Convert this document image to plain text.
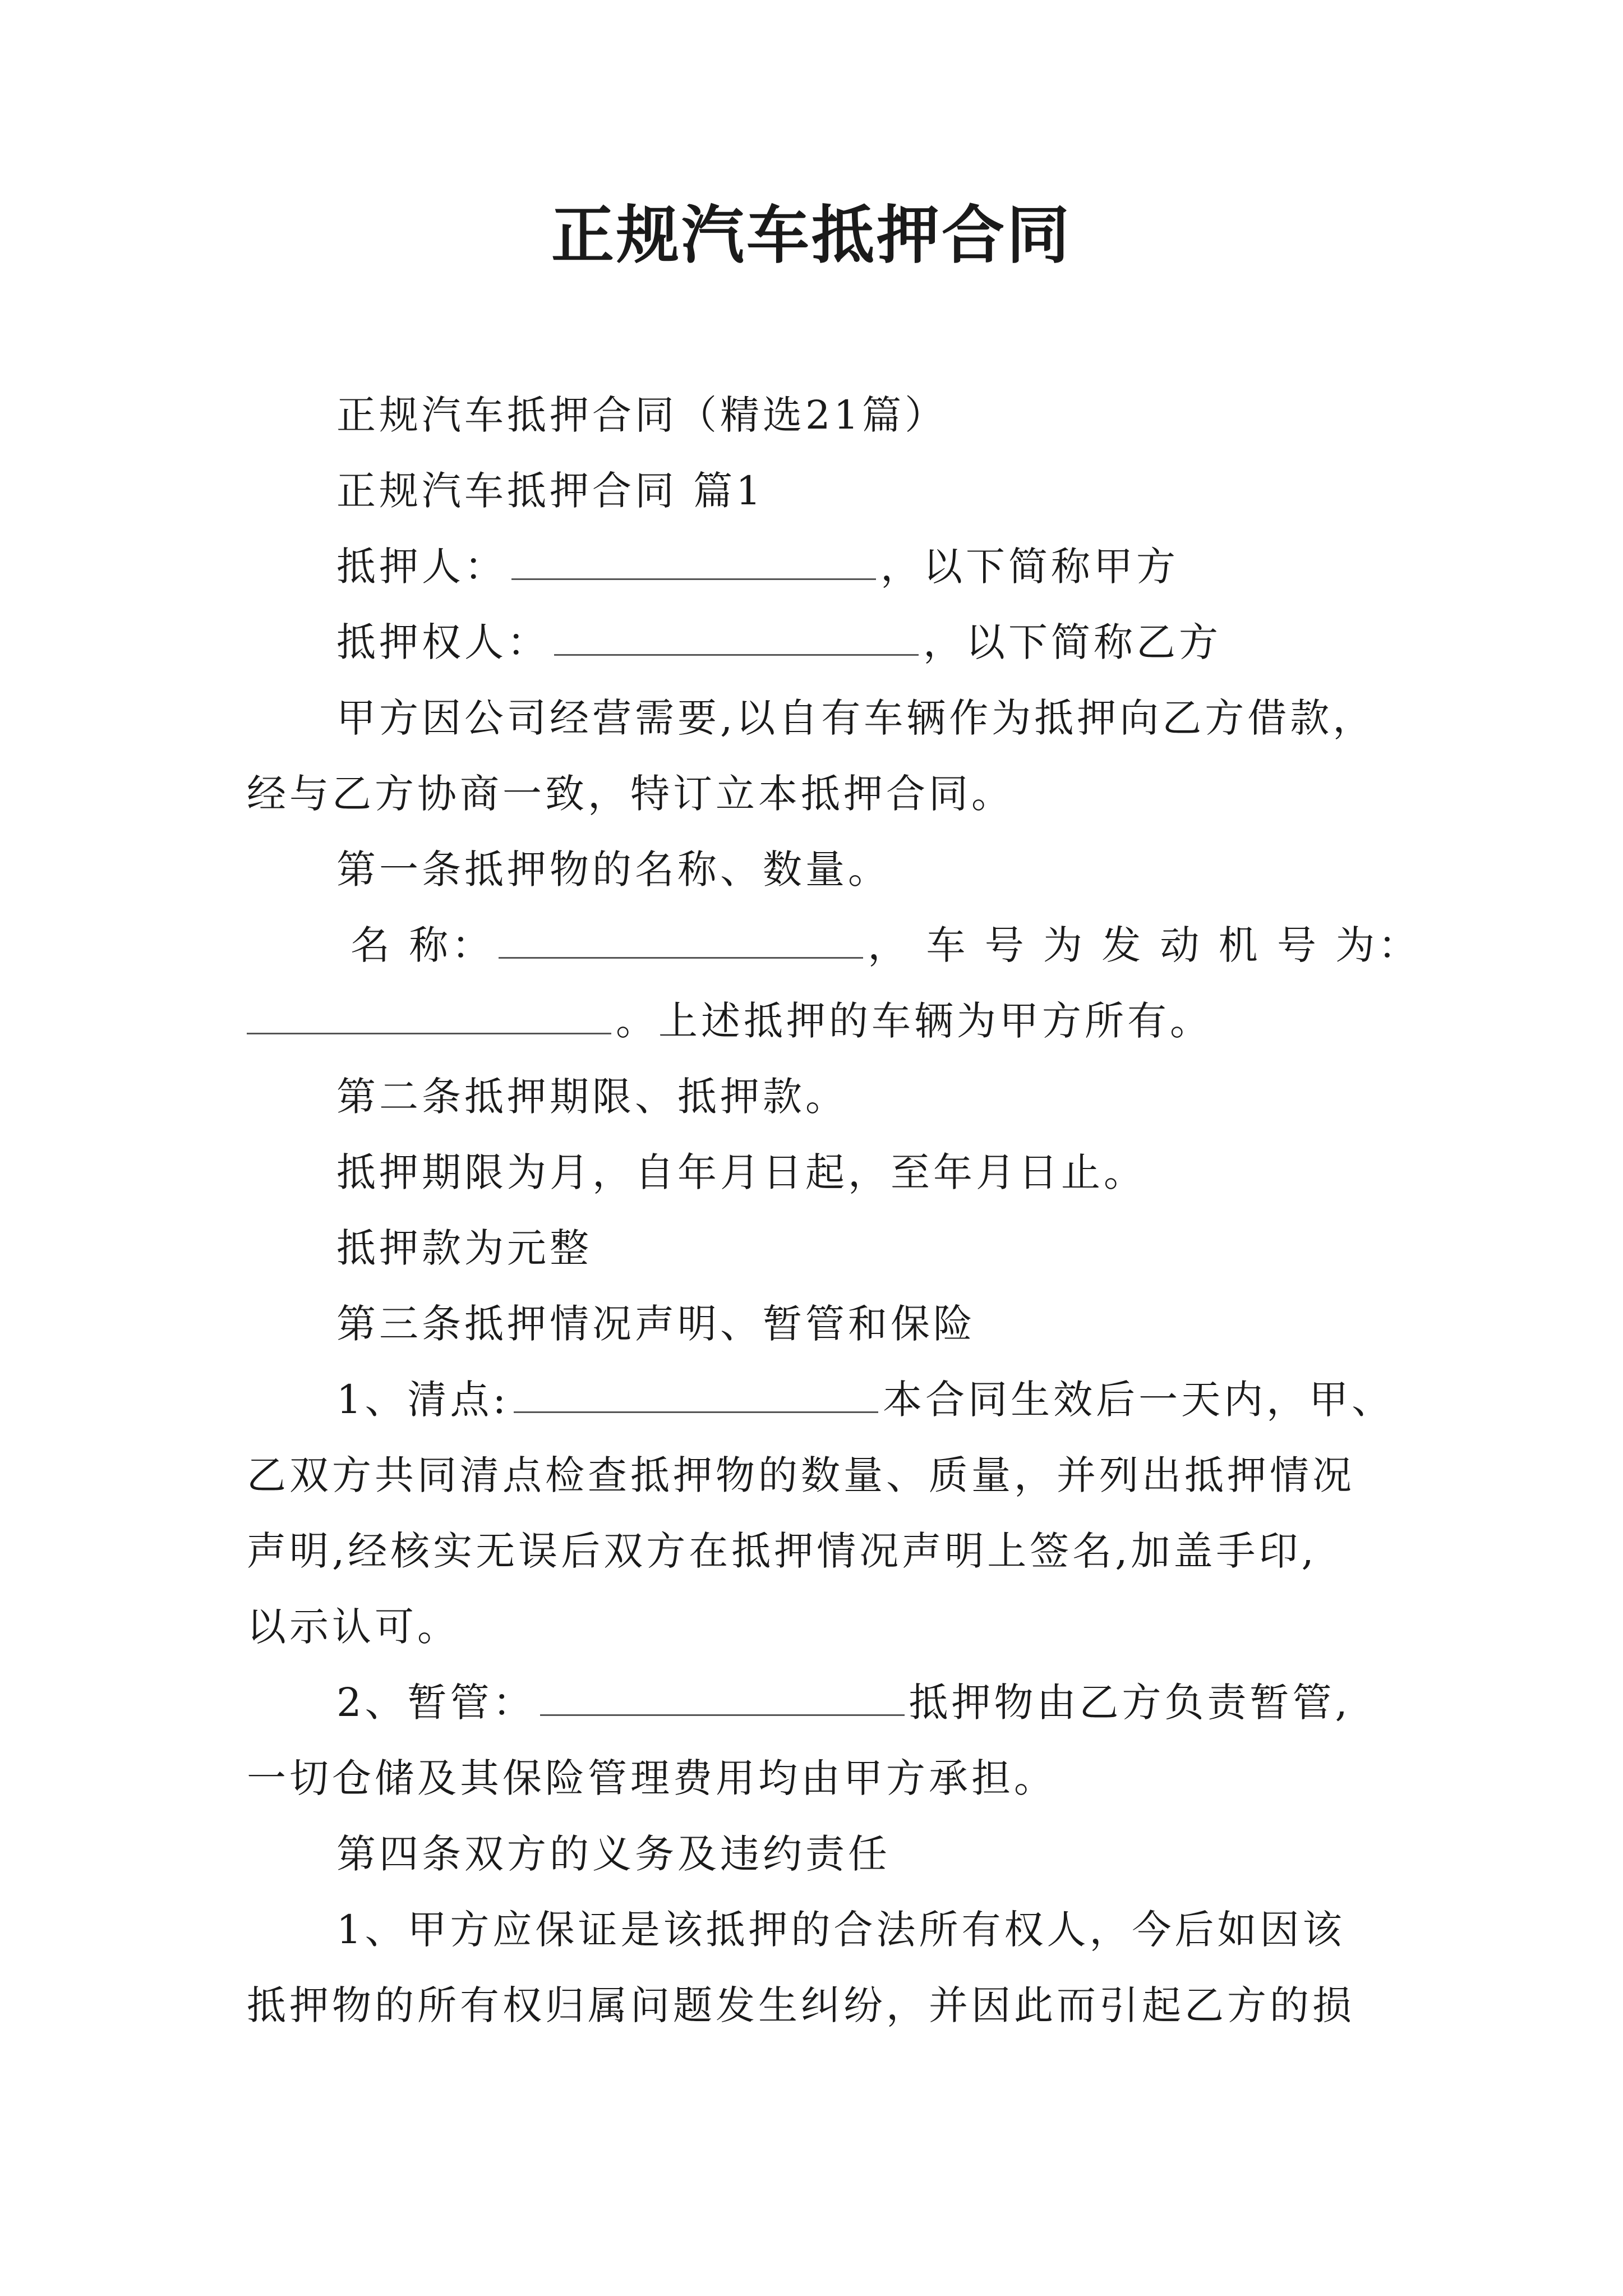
正规汽车抵押合同
正规汽车抵押合同（精选21篇）
正规汽车抵押合同 篇1
抵押人：	，以下简称甲方
抵押权人：	，以下简称乙方
甲方因公司经营需要,以自有车辆作为抵押向乙方借款，
经与乙方协商一致，特订立本抵押合同。
第一条抵押物的名称、数量。
名 称：	， 车 号 为 发 动 机 号 为：
。上述抵押的车辆为甲方所有。
第二条抵押期限、抵押款。
抵押期限为月，自年月日起，至年月日止。
抵押款为元整
第三条抵押情况声明、暂管和保险
1、清点:	本合同生效后一天内，甲、
乙双方共同清点检查抵押物的数量、质量，并列出抵押情况
声明,经核实无误后双方在抵押情况声明上签名,加盖手印,
以示认可。
2、暂管：	抵押物由乙方负责暂管,
一切仓储及其保险管理费用均由甲方承担。
第四条双方的义务及违约责任
1、甲方应保证是该抵押的合法所有权人，今后如因该
抵押物的所有权归属问题发生纠纷，并因此而引起乙方的损
